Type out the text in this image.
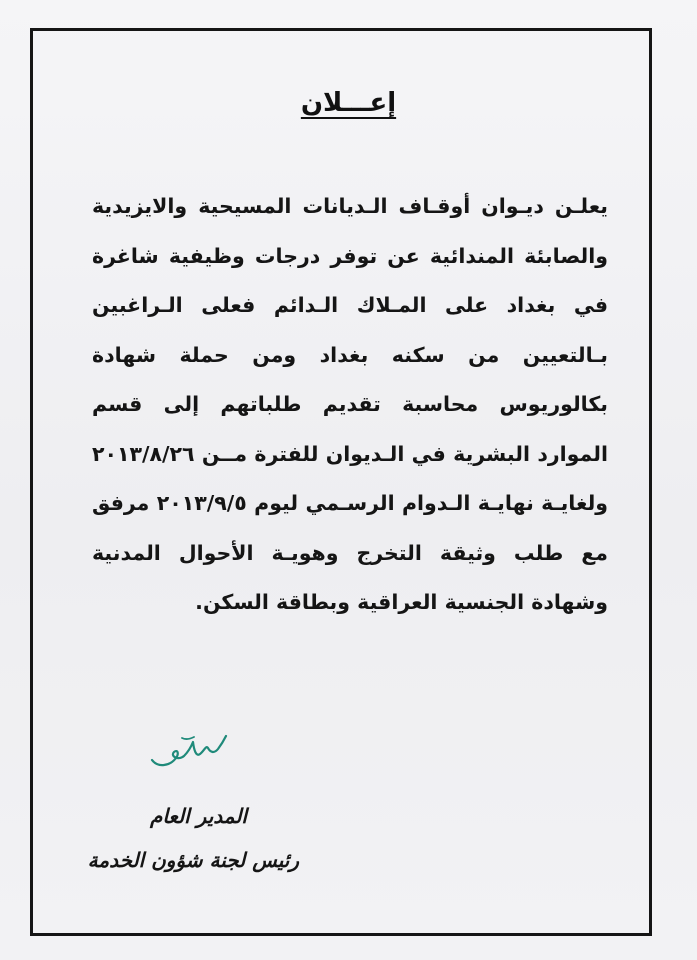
إعـــلان

يعلـن ديـوان أوقـاف الـديانات المسيحية والايزيدية والصابئة المندائية عن توفر درجات وظيفية شاغرة في بغداد على المـلاك الـدائم فعلى الـراغبين بـالتعيين من سكنه بغداد ومن حملة شهادة بكالوريوس محاسبة تقديم طلباتهم إلى قسم الموارد البشرية في الـديوان للفترة مــن ٢٠١٣/٨/٢٦ ولغايـة نهايـة الـدوام الرسـمي ليوم ٢٠١٣/٩/٥ مرفق مع طلب وثيقة التخرج وهويـة الأحوال المدنية وشهادة الجنسية العراقية وبطاقة السكن.

المدير العام
رئيس لجنة شؤون الخدمة
